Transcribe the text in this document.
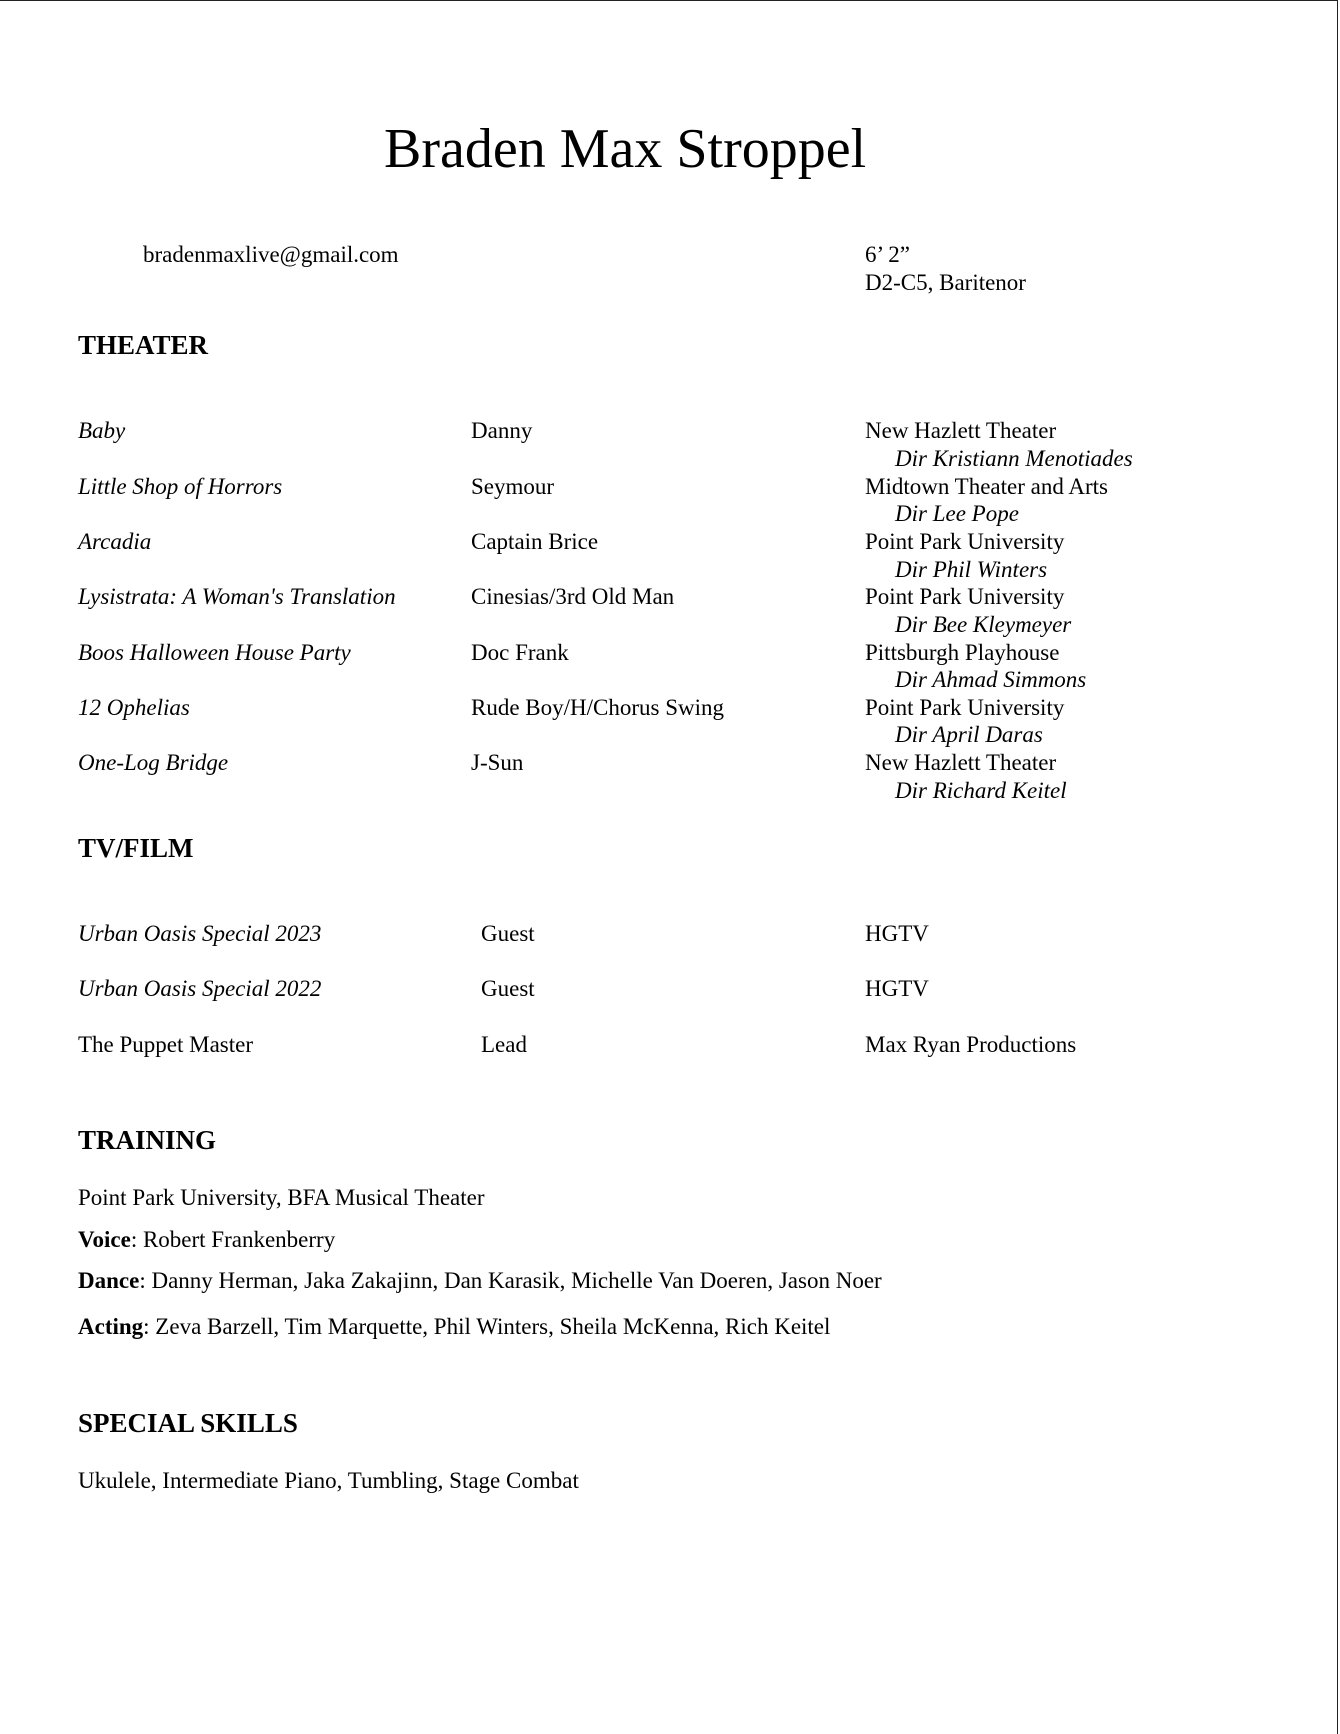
Braden Max Stroppel
bradenmaxlive@gmail.com	6’ 2”
D2-C5, Baritenor
THEATER
Baby	Danny	New Hazlett Theater
Dir Kristiann Menotiades
Little Shop of Horrors	Seymour	Midtown Theater and Arts
Dir Lee Pope
Arcadia	Captain Brice	Point Park University
Dir Phil Winters
Lysistrata: A Woman's Translation	Cinesias/3rd Old Man	Point Park University
Dir Bee Kleymeyer
Boos Halloween House Party	Doc Frank	Pittsburgh Playhouse
Dir Ahmad Simmons
12 Ophelias	Rude Boy/H/Chorus Swing	Point Park University
Dir April Daras
One-Log Bridge	J-Sun	New Hazlett Theater
Dir Richard Keitel
TV/FILM
Urban Oasis Special 2023	Guest	HGTV
Urban Oasis Special 2022	Guest	HGTV
The Puppet Master	Lead	Max Ryan Productions
TRAINING
Point Park University, BFA Musical Theater
Voice: Robert Frankenberry
Dance: Danny Herman, Jaka Zakajinn, Dan Karasik, Michelle Van Doeren, Jason Noer
Acting: Zeva Barzell, Tim Marquette, Phil Winters, Sheila McKenna, Rich Keitel
SPECIAL SKILLS
Ukulele, Intermediate Piano, Tumbling, Stage Combat
